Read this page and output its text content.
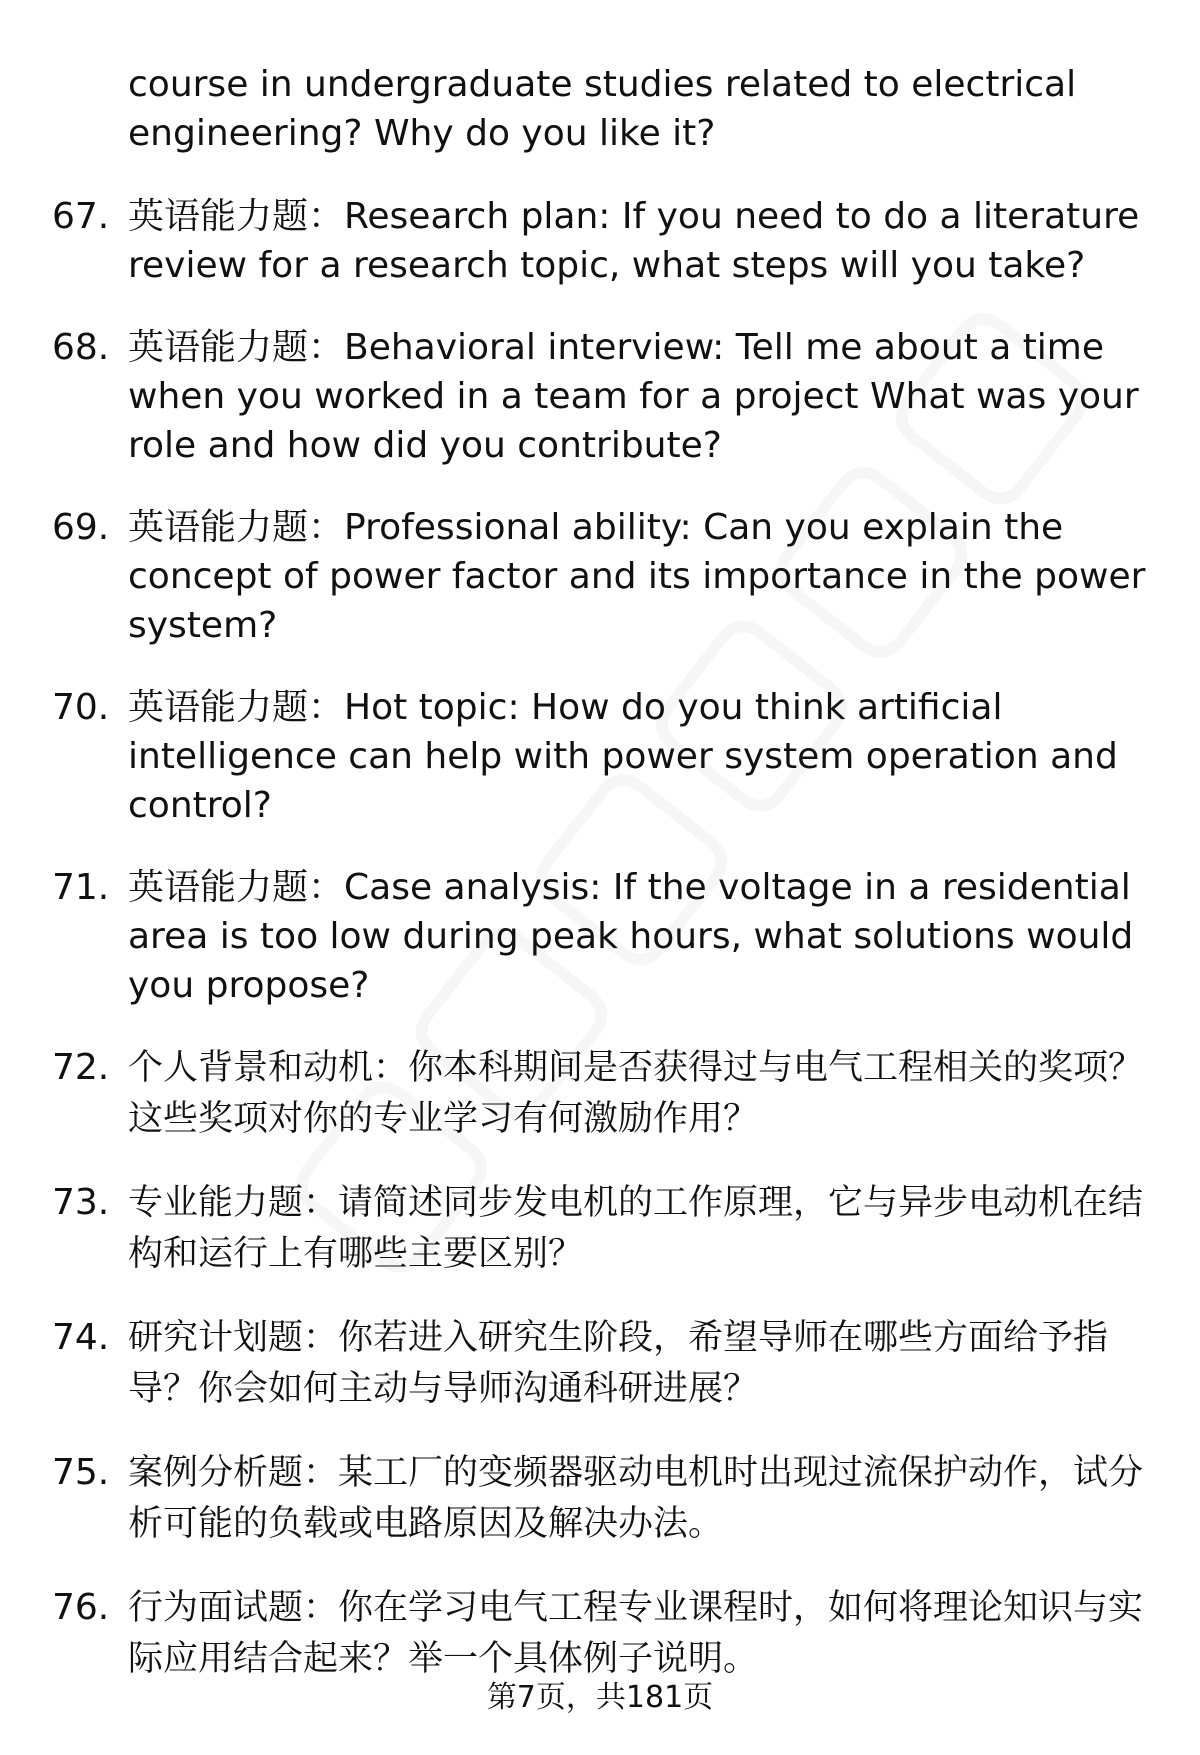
course in undergraduate studies related to electrical engineering? Why do you like it?
67. 英语能力题：Research plan: If you need to do a literature review for a research topic, what steps will you take?
68. 英语能力题：Behavioral interview: Tell me about a time when you worked in a team for a project What was your role and how did you contribute?
69. 英语能力题：Professional ability: Can you explain the concept of power factor and its importance in the power system?
70. 英语能力题：Hot topic: How do you think artificial intelligence can help with power system operation and control?
71. 英语能力题：Case analysis: If the voltage in a residential area is too low during peak hours, what solutions would you propose?
72. 个人背景和动机：你本科期间是否获得过与电气工程相关的奖项？这些奖项对你的专业学习有何激励作用？
73. 专业能力题：请简述同步发电机的工作原理，它与异步电动机在结构和运行上有哪些主要区别？
74. 研究计划题：你若进入研究生阶段，希望导师在哪些方面给予指导？你会如何主动与导师沟通科研进展？
75. 案例分析题：某工厂的变频器驱动电机时出现过流保护动作，试分析可能的负载或电路原因及解决办法。
76. 行为面试题：你在学习电气工程专业课程时，如何将理论知识与实际应用结合起来？举一个具体例子说明。
第7页，共181页
